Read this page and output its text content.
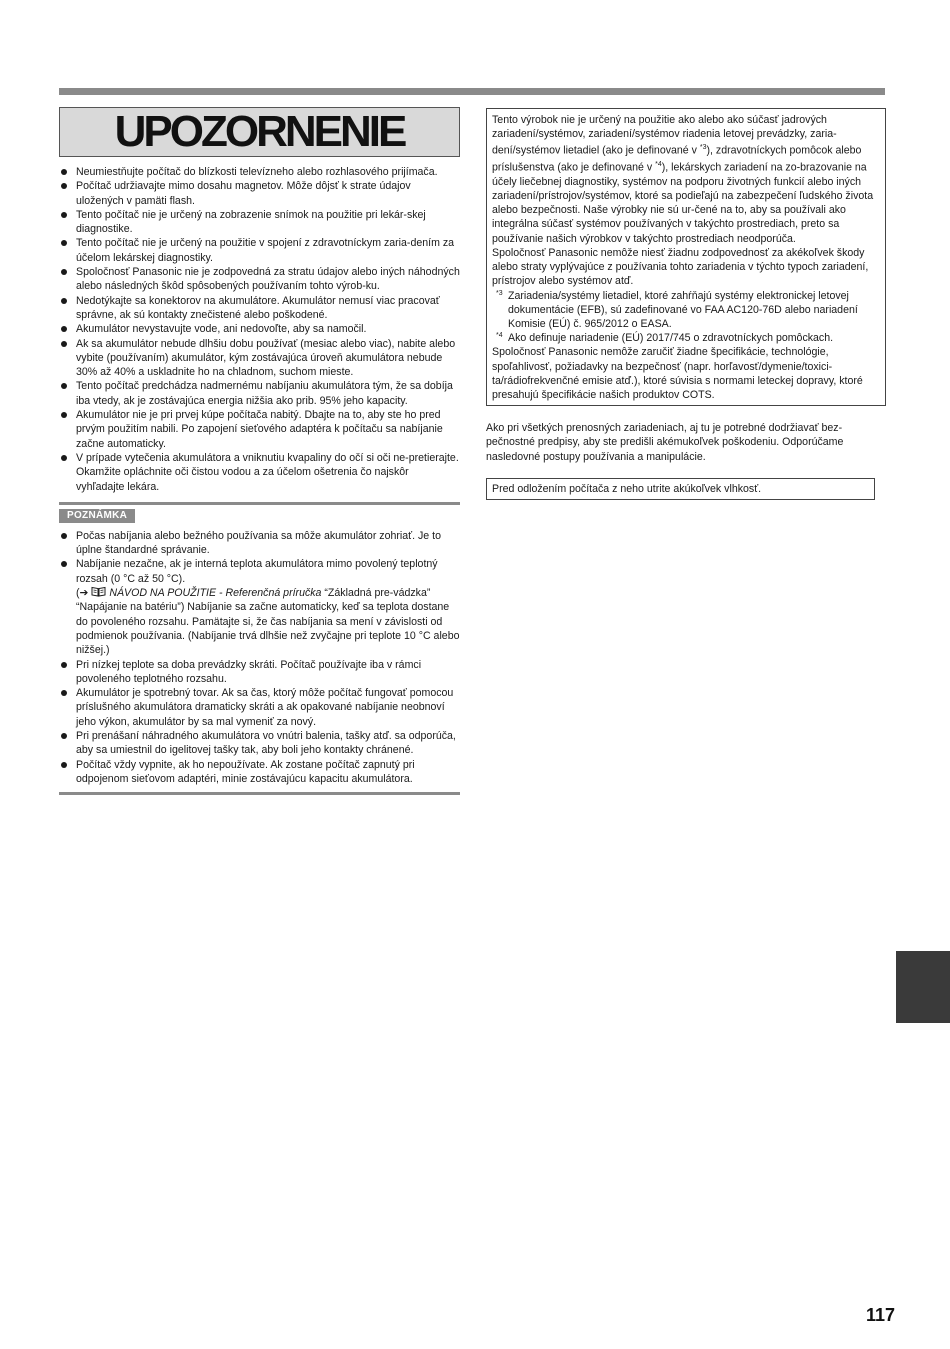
UPOZORNENIE
Neumiestňujte počítač do blízkosti televízneho alebo rozhlasového prijímača.
Počítač udržiavajte mimo dosahu magnetov. Môže dôjsť k strate údajov uložených v pamäti flash.
Tento počítač nie je určený na zobrazenie snímok na použitie pri lekár-skej diagnostike.
Tento počítač nie je určený na použitie v spojení z zdravotníckym zaria-dením za účelom lekárskej diagnostiky.
Spoločnosť Panasonic nie je zodpovedná za stratu údajov alebo iných náhodných alebo následných škôd spôsobených používaním tohto výrob-ku.
Nedotýkajte sa konektorov na akumulátore. Akumulátor nemusí viac pracovať správne, ak sú kontakty znečistené alebo poškodené.
Akumulátor nevystavujte vode, ani nedovoľte, aby sa namočil.
Ak sa akumulátor nebude dlhšiu dobu používať (mesiac alebo viac), nabite alebo vybite (používaním) akumulátor, kým zostávajúca úroveň akumulátora nebude 30% až 40% a uskladnite ho na chladnom, suchom mieste.
Tento počítač predchádza nadmernému nabíjaniu akumulátora tým, že sa dobíja iba vtedy, ak je zostávajúca energia nižšia ako prib. 95% jeho kapacity.
Akumulátor nie je pri prvej kúpe počítača nabitý. Dbajte na to, aby ste ho pred prvým použitím nabili. Po zapojení sieťového adaptéra k počítaču sa nabíjanie začne automaticky.
V prípade vytečenia akumulátora a vniknutiu kvapaliny do očí si oči ne-pretierajte. Okamžite opláchnite oči čistou vodou a za účelom ošetrenia čo najskôr vyhľadajte lekára.
POZNÁMKA
Počas nabíjania alebo bežného používania sa môže akumulátor zohriať. Je to úplne štandardné správanie.
Nabíjanie nezačne, ak je interná teplota akumulátora mimo povolený teplotný rozsah (0 °C až 50 °C).
(➔ NÁVOD NA POUŽITIE - Referenčná príručka “Základná pre-vádzka” “Napájanie na batériu”) Nabíjanie sa začne automaticky, keď sa teplota dostane do povoleného rozsahu. Pamätajte si, že čas nabíjania sa mení v závislosti od podmienok používania. (Nabíjanie trvá dlhšie než zvyčajne pri teplote 10 °C alebo nižšej.)
Pri nízkej teplote sa doba prevádzky skráti. Počítač používajte iba v rámci povoleného teplotného rozsahu.
Akumulátor je spotrebný tovar. Ak sa čas, ktorý môže počítač fungovať pomocou príslušného akumulátora dramaticky skráti a ak opakované nabíjanie neobnoví jeho výkon, akumulátor by sa mal vymeniť za nový.
Pri prenášaní náhradného akumulátora vo vnútri balenia, tašky atď. sa odporúča, aby sa umiestnil do igelitovej tašky tak, aby boli jeho kontakty chránené.
Počítač vždy vypnite, ak ho nepoužívate. Ak zostane počítač zapnutý pri odpojenom sieťovom adaptéri, minie zostávajúcu kapacitu akumulátora.

Tento výrobok nie je určený na použitie ako alebo ako súčasť jadrových zariadení/systémov, zariadení/systémov riadenia letovej prevádzky, zaria-dení/systémov lietadiel (ako je definované v $^{*3}$), zdravotníckych pomôcok alebo príslušenstva (ako je definované v $^{*4}$), lekárskych zariadení na zo-brazovanie na účely liečebnej diagnostiky, systémov na podporu životných funkcií alebo iných zariadení/prístrojov/systémov, ktoré sa podieľajú na zabezpečení ľudského života alebo bezpečnosti. Naše výrobky nie sú ur-čené na to, aby sa používali ako integrálna súčasť systémov používaných v takýchto prostrediach, preto sa používanie našich výrobkov v takýchto prostrediach neodporúča.

Spoločnosť Panasonic nemôže niesť žiadnu zodpovednosť za akékoľvek škody alebo straty vyplývajúce z používania tohto zariadenia v týchto typoch zariadení, prístrojov alebo systémov atď.

*3 Zariadenia/systémy lietadiel, ktoré zahŕňajú systémy elektronickej letovej dokumentácie (EFB), sú zadefinované vo FAA AC120-76D alebo nariadení Komisie (EÚ) č. 965/2012 o EASA.

*4 Ako definuje nariadenie (EÚ) 2017/745 o zdravotníckych pomôckach.

Spoločnosť Panasonic nemôže zaručiť žiadne špecifikácie, technológie, spoľahlivosť, požiadavky na bezpečnosť (napr. horľavosť/dymenie/toxici-ta/rádiofrekvenčné emisie atď.), ktoré súvisia s normami leteckej dopravy, ktoré presahujú špecifikácie našich produktov COTS.

Ako pri všetkých prenosných zariadeniach, aj tu je potrebné dodržiavať bez-pečnostné predpisy, aby ste predišli akémukoľvek poškodeniu. Odporúčame nasledovné postupy používania a manipulácie.

Pred odložením počítača z neho utrite akúkoľvek vlhkosť.
117
